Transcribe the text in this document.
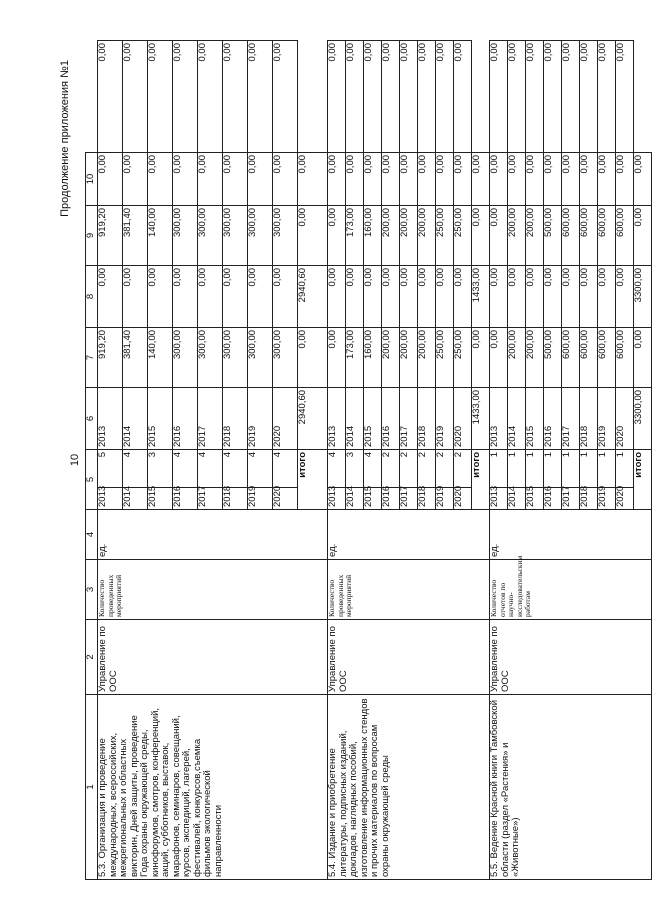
Продолжение приложения №1
10
1	2	3	4	5		6	7	8	9	10	
5.3. Организация и проведение международных, всероссийских, межрегиональных и областных викторин, Дней защиты, проведение Года охраны окружающей среды, кинофорумов, смотров, конференций, акций, субботников, выставок, марафонов, семинаров, совещаний, курсов, экспедиций, лагерей, фестивалей, конкурсов,съемка фильмов экологической направленности	Управление по ООС	Количество проведенных мероприятий	ед.	2013	5	2013	919,20	0,00	919,20	0,00	0,00
				2014	4	2014	381,40	0,00	381,40	0,00	0,00
				2015	3	2015	140,00	0,00	140,00	0,00	0,00
				2016	4	2016	300,00	0,00	300,00	0,00	0,00
				2017	4	2017	300,00	0,00	300,00	0,00	0,00
				2018	4	2018	300,00	0,00	300,00	0,00	0,00
				2019	4	2019	300,00	0,00	300,00	0,00	0,00
				2020	4	2020	300,00	0,00	300,00	0,00	0,00
				итого		2940,60	0,00	2940,60	0,00	0,00	
5.4. Издание и приобретение литературы, подписных изданий, докладов, наглядных пособий, изготовление информационных стендов и прочих материалов по вопросам охраны окружающей среды	Управление по ООС	Количество проведенных мероприятий	ед.	2013	4	2013	0,00	0,00	0,00	0,00	0,00
				2014	3	2014	173,00	0,00	173,00	0,00	0,00
				2015	4	2015	160,00	0,00	160,00	0,00	0,00
				2016	2	2016	200,00	0,00	200,00	0,00	0,00
				2017	2	2017	200,00	0,00	200,00	0,00	0,00
				2018	2	2018	200,00	0,00	200,00	0,00	0,00
				2019	2	2019	250,00	0,00	250,00	0,00	0,00
				2020	2	2020	250,00	0,00	250,00	0,00	0,00
				итого		1433,00	0,00	1433,00	0,00	0,00	
5.5. Ведение Красной книги Тамбовской области (раздел «Растения» и «Животные»)	Управление по ООС	Количество отчетов по научно-исследовательским работам	ед.	2013	1	2013	0,00	0,00	0,00	0,00	0,00
				2014	1	2014	200,00	0,00	200,00	0,00	0,00
				2015	1	2015	200,00	0,00	200,00	0,00	0,00
				2016	1	2016	500,00	0,00	500,00	0,00	0,00
				2017	1	2017	600,00	0,00	600,00	0,00	0,00
				2018	1	2018	600,00	0,00	600,00	0,00	0,00
				2019	1	2019	600,00	0,00	600,00	0,00	0,00
				2020	1	2020	600,00	0,00	600,00	0,00	0,00
				итого		3300,00	0,00	3300,00	0,00	0,00	
